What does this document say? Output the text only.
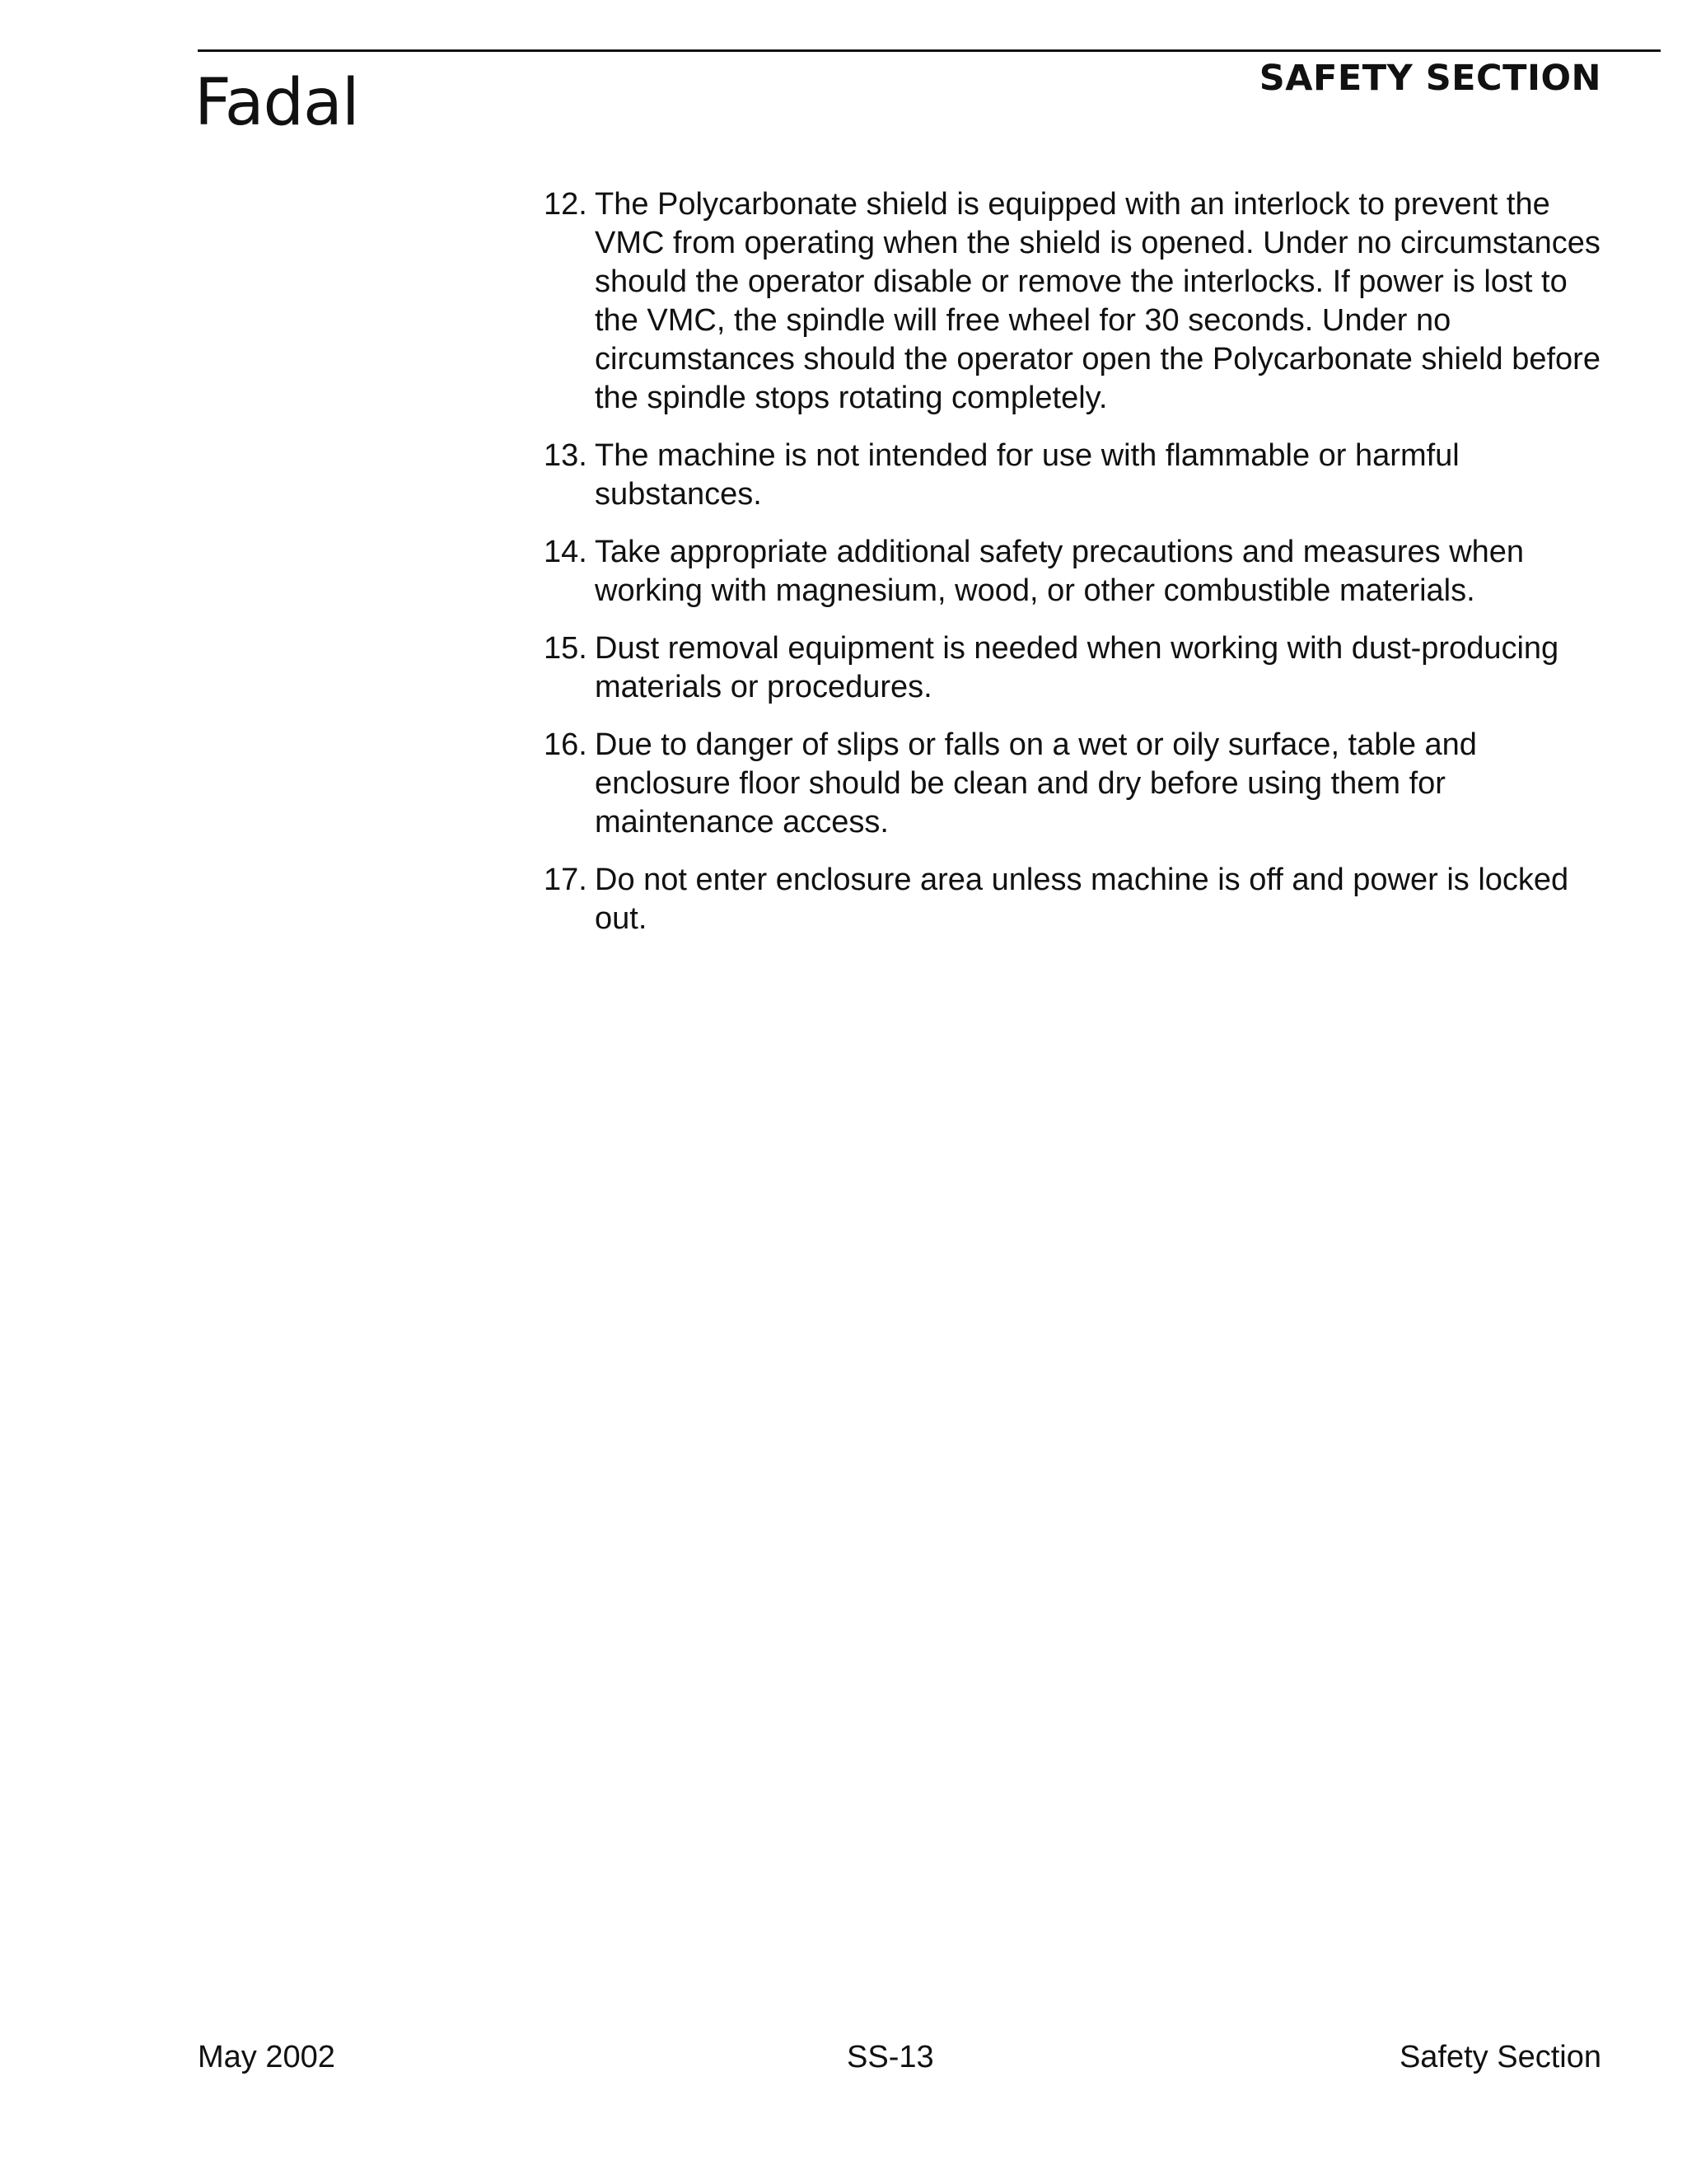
Fadal	SAFETY SECTION
12. The Polycarbonate shield is equipped with an interlock to prevent the VMC from operating when the shield is opened. Under no circumstances should the operator disable or remove the interlocks. If power is lost to the VMC, the spindle will free wheel for 30 seconds. Under no circumstances should the operator open the Polycarbonate shield before the spindle stops rotating completely.
13. The machine is not intended for use with flammable or harmful substances.
14. Take appropriate additional safety precautions and measures when working with magnesium, wood, or other combustible materials.
15. Dust removal equipment is needed when working with dust-producing materials or procedures.
16. Due to danger of slips or falls on a wet or oily surface, table and enclosure floor should be clean and dry before using them for maintenance access.
17. Do not enter enclosure area unless machine is off and power is locked out.
May 2002	SS-13	Safety Section
